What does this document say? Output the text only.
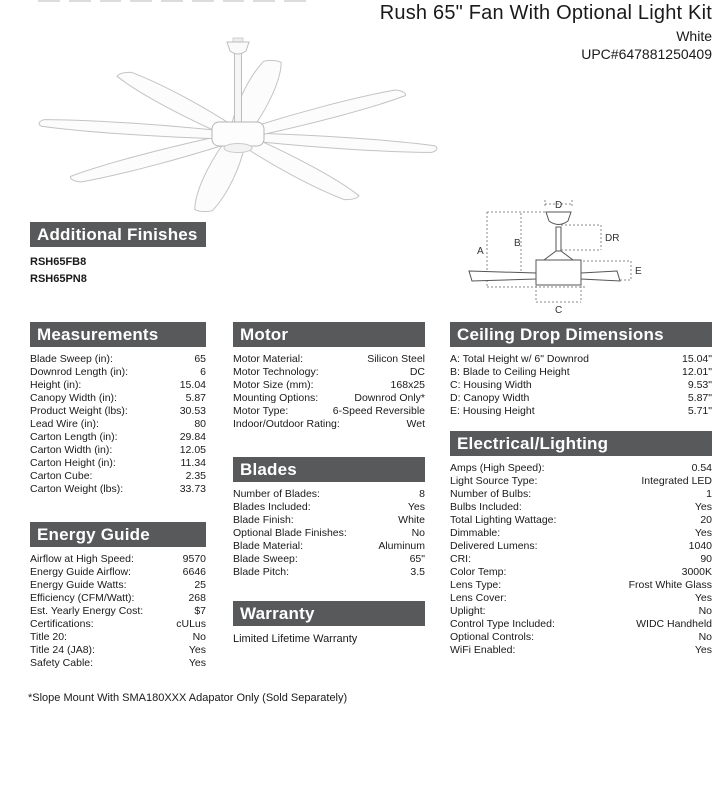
Rush 65" Fan With Optional Light Kit
White
UPC#647881250409
A
B
C
D
DR
E
Additional Finishes
RSH65FB8
RSH65PN8
Measurements
Blade Sweep (in):	65
Downrod Length (in):	6
Height (in):	15.04
Canopy Width (in):	5.87
Product Weight (lbs):	30.53
Lead Wire (in):	80
Carton Length (in):	29.84
Carton Width (in):	12.05
Carton Height (in):	11.34
Carton Cube:	2.35
Carton Weight (lbs):	33.73
Energy Guide
Airflow at High Speed:	9570
Energy Guide Airflow:	6646
Energy Guide Watts:	25
Efficiency (CFM/Watt):	268
Est. Yearly Energy Cost:	$7
Certifications:	cULus
Title 20:	No
Title 24 (JA8):	Yes
Safety Cable:	Yes
Motor
Motor Material:	Silicon Steel
Motor Technology:	DC
Motor Size (mm):	168x25
Mounting Options:	Downrod Only*
Motor Type:	6-Speed Reversible
Indoor/Outdoor Rating:	Wet
Blades
Number of Blades:	8
Blades Included:	Yes
Blade Finish:	White
Optional Blade Finishes:	No
Blade Material:	Aluminum
Blade Sweep:	65"
Blade Pitch:	3.5
Warranty
Limited Lifetime Warranty
Ceiling Drop Dimensions
A: Total Height w/ 6" Downrod	15.04"
B: Blade to Ceiling Height	12.01"
C: Housing Width	9.53"
D: Canopy Width	5.87"
E: Housing Height	5.71"
Electrical/Lighting
Amps (High Speed):	0.54
Light Source Type:	Integrated LED
Number of Bulbs:	1
Bulbs Included:	Yes
Total Lighting Wattage:	20
Dimmable:	Yes
Delivered Lumens:	1040
CRI:	90
Color Temp:	3000K
Lens Type:	Frost White Glass
Lens Cover:	Yes
Uplight:	No
Control Type Included:	WIDC Handheld
Optional Controls:	No
WiFi Enabled:	Yes
*Slope Mount With SMA180XXX Adapator Only (Sold Separately)
